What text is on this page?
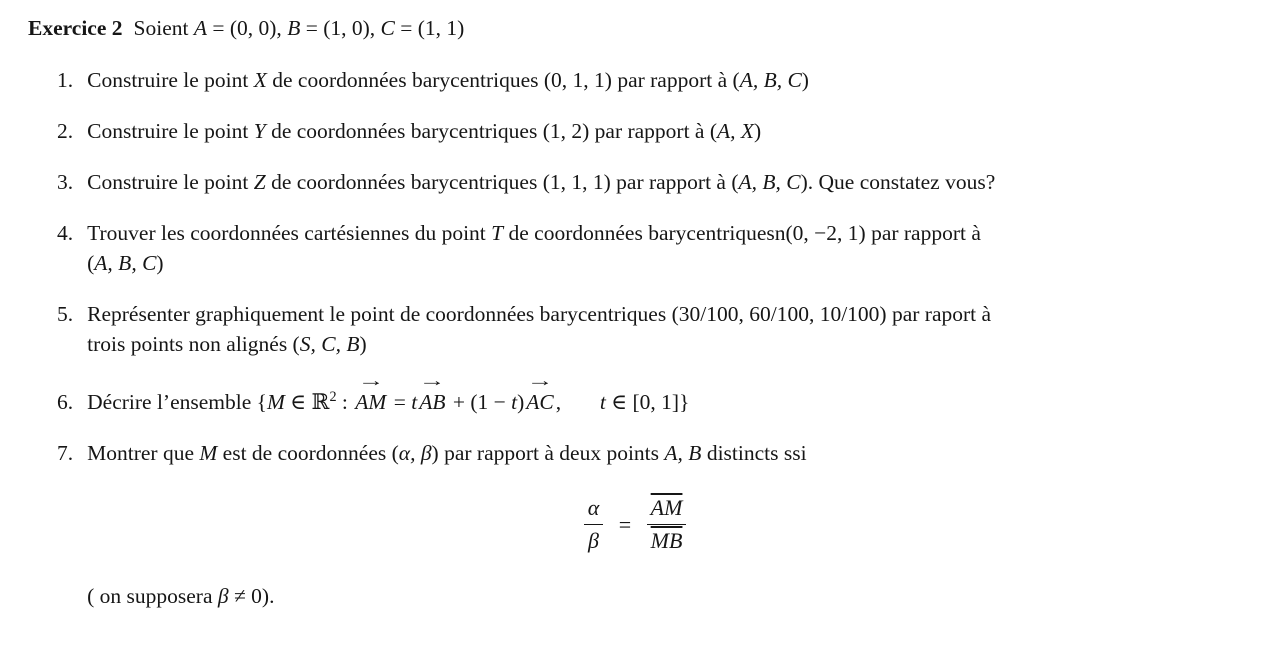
Exercice 2 Soient A = (0, 0), B = (1, 0), C = (1, 1)
1. Construire le point X de coordonnées barycentriques (0, 1, 1) par rapport à (A, B, C)
2. Construire le point Y de coordonnées barycentriques (1, 2) par rapport à (A, X)
3. Construire le point Z de coordonnées barycentriques (1, 1, 1) par rapport à (A, B, C). Que constatez vous?
4. Trouver les coordonnées cartésiennes du point T de coordonnées barycentriquesn(0, −2, 1) par rapport à
(A, B, C)
5. Représenter graphiquement le point de coordonnées barycentriques (30/100, 60/100, 10/100) par raport à
trois points non alignés (S, C, B)
6. Décrire l’ensemble {M ∈ ℝ$^2$ : → AM = t→ AB + (1 − t)→ AC, t ∈ [0, 1]}
7. Montrer que M est de coordonnées (α, β) par rapport à deux points A, B distincts ssi
$\frac{\alpha}{\beta} = \frac{\overline{AM}}{MB}$
( on supposera β ≠ 0).
